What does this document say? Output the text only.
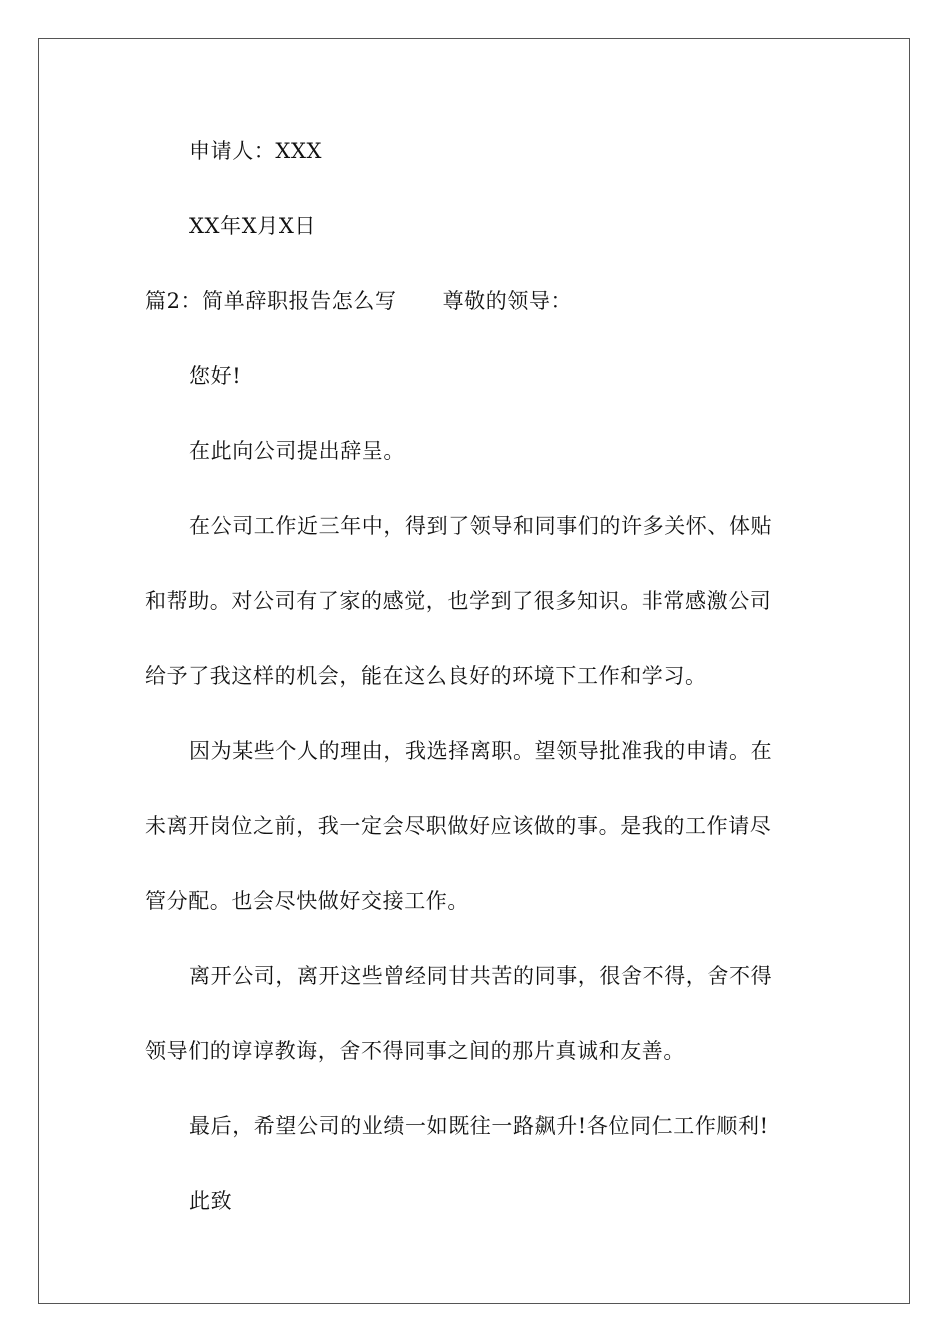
申请人：XXX
XX年X月X日
篇2：简单辞职报告怎么写 尊敬的领导：
您好!
在此向公司提出辞呈。
在公司工作近三年中，得到了领导和同事们的许多关怀、体贴
和帮助。对公司有了家的感觉，也学到了很多知识。非常感激公司
给予了我这样的机会，能在这么良好的环境下工作和学习。
因为某些个人的理由，我选择离职。望领导批准我的申请。在
未离开岗位之前，我一定会尽职做好应该做的事。是我的工作请尽
管分配。也会尽快做好交接工作。
离开公司，离开这些曾经同甘共苦的同事，很舍不得，舍不得
领导们的谆谆教诲，舍不得同事之间的那片真诚和友善。
最后，希望公司的业绩一如既往一路飙升!各位同仁工作顺利!
此致
